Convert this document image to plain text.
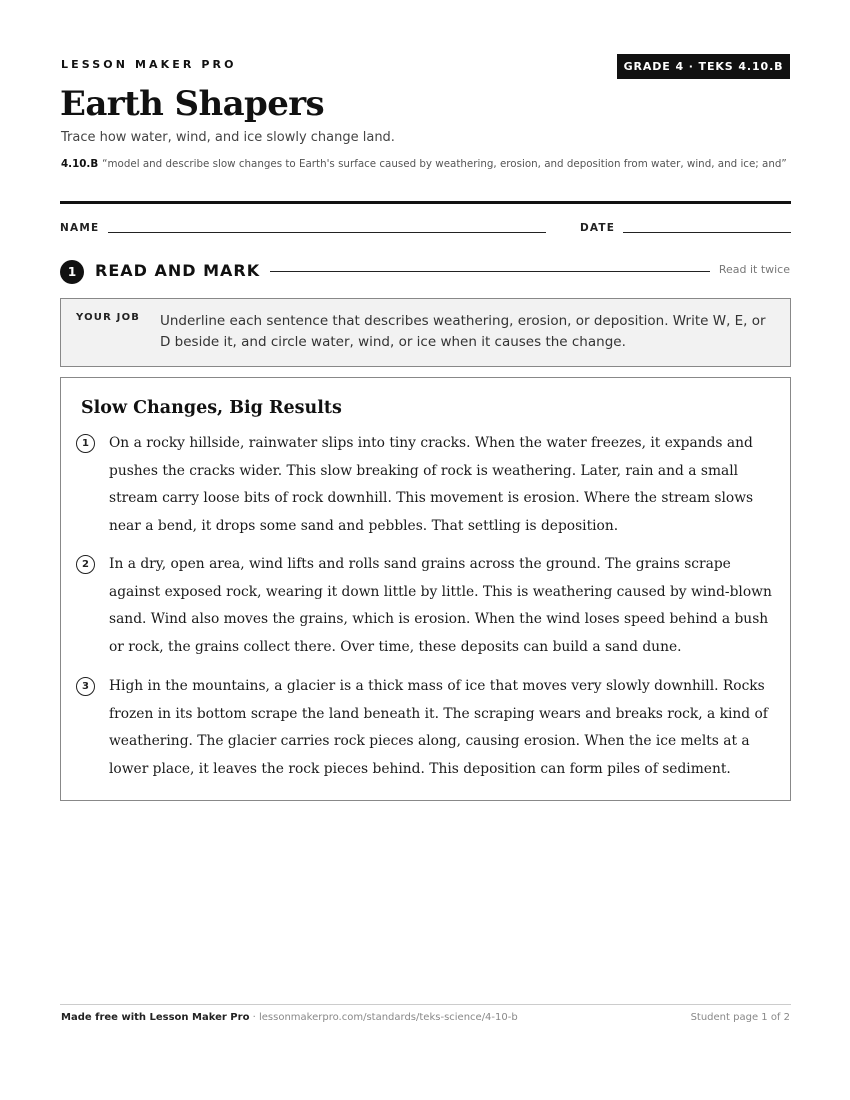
LESSON MAKER PRO	GRADE 4 · TEKS 4.10.B
Earth Shapers
Trace how water, wind, and ice slowly change land.
4.10.B “model and describe slow changes to Earth's surface caused by weathering, erosion, and deposition from water, wind, and ice; and”
NAME	DATE
1	READ AND MARK	Read it twice
YOUR JOB Underline each sentence that describes weathering, erosion, or deposition. Write W, E, or D beside it, and circle water, wind, or ice when it causes the change.
Slow Changes, Big Results
1	On a rocky hillside, rainwater slips into tiny cracks. When the water freezes, it expands and pushes the cracks wider. This slow breaking of rock is weathering. Later, rain and a small stream carry loose bits of rock downhill. This movement is erosion. Where the stream slows near a bend, it drops some sand and pebbles. That settling is deposition.
2	In a dry, open area, wind lifts and rolls sand grains across the ground. The grains scrape against exposed rock, wearing it down little by little. This is weathering caused by wind-blown sand. Wind also moves the grains, which is erosion. When the wind loses speed behind a bush or rock, the grains collect there. Over time, these deposits can build a sand dune.
3	High in the mountains, a glacier is a thick mass of ice that moves very slowly downhill. Rocks frozen in its bottom scrape the land beneath it. The scraping wears and breaks rock, a kind of weathering. The glacier carries rock pieces along, causing erosion. When the ice melts at a lower place, it leaves the rock pieces behind. This deposition can form piles of sediment.
Made free with Lesson Maker Pro · lessonmakerpro.com/standards/teks-science/4-10-b	Student page 1 of 2
